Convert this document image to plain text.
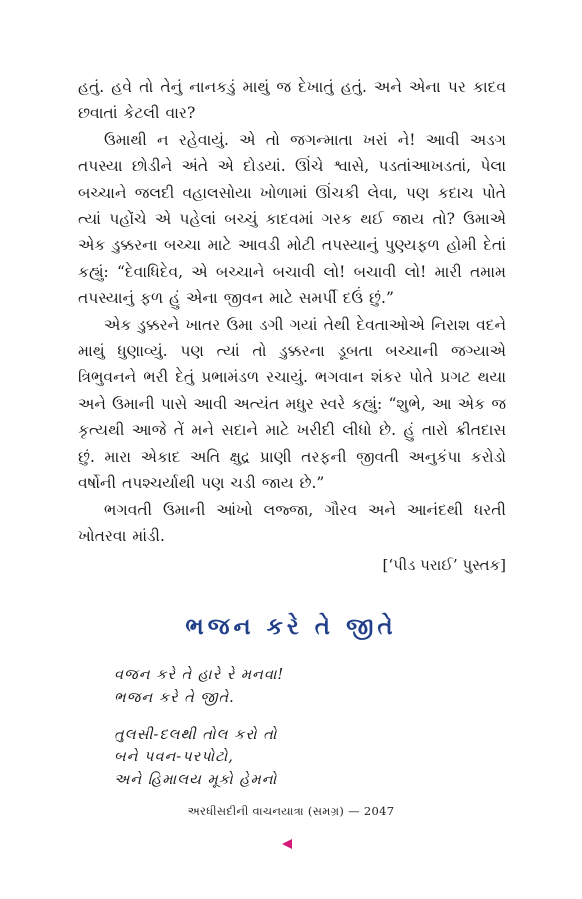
હતું. હવે તો તેનું નાનકડું માથું જ દેખાતું હતું. અને એના પર કાદવ છવાતાં કેટલી વાર?

ઉમાથી ન રહેવાયું. એ તો જગન્માતા ખરાં ને! આવી અડગ તપસ્યા છોડીને અંતે એ દોડયાં. ઊંચે શ્વાસે, પડતાંઆખડતાં, પેલા બચ્ચાને જલદી વહાલસોયા ખોળામાં ઊંચકી લેવા, પણ કદાચ પોતે ત્યાં પહોંચે એ પહેલાં બચ્ચું કાદવમાં ગરક થઈ જાય તો? ઉમાએ એક ડુક્કરના બચ્ચા માટે આવડી મોટી તપસ્યાનું પુણ્યફળ હોમી દેતાં કહ્યું: “દેવાધિદેવ, એ બચ્ચાને બચાવી લો! બચાવી લો! મારી તમામ તપસ્યાનું ફળ હું એના જીવન માટે સમર્પી દઉં છું.”

એક ડુક્કરને ખાતર ઉમા ડગી ગયાં તેથી દેવતાઓએ નિરાશ વદને માથું ધુણાવ્યું. પણ ત્યાં તો ડુક્કરના ડૂબતા બચ્ચાની જગ્યાએ ત્રિભુવનને ભરી દેતું પ્રભામંડળ રચાયું. ભગવાન શંકર પોતે પ્રગટ થયા અને ઉમાની પાસે આવી અત્યંત મધુર સ્વરે કહ્યું: “શુભે, આ એક જ કૃત્યથી આજે તેં મને સદાને માટે ખરીદી લીધો છે. હું તારો ક્રીતદાસ છું. મારા એકાદ અતિ ક્ષુદ્ર પ્રાણી તરફની જીવતી અનુકંપા કરોડો વર્ષોની તપશ્ચર્યાથી પણ ચડી જાય છે.”

ભગવતી ઉમાની આંખો લજ્જા, ગૌરવ અને આનંદથી ધરતી ખોતરવા માંડી.

[‘પીડ પરાઈ’ પુસ્તક]
ભજન કરે તે જીતે
વજન કરે તે હારે રે મનવા!
ભજન કરે તે જીતે.
તુલસી-દલથી તોલ કરો તો
બને પવન-પરપોટો,
અને હિમાલય મૂકો હેમનો
અરધીસદીની વાચનયાત્રા (સમગ્ર) — 2047
